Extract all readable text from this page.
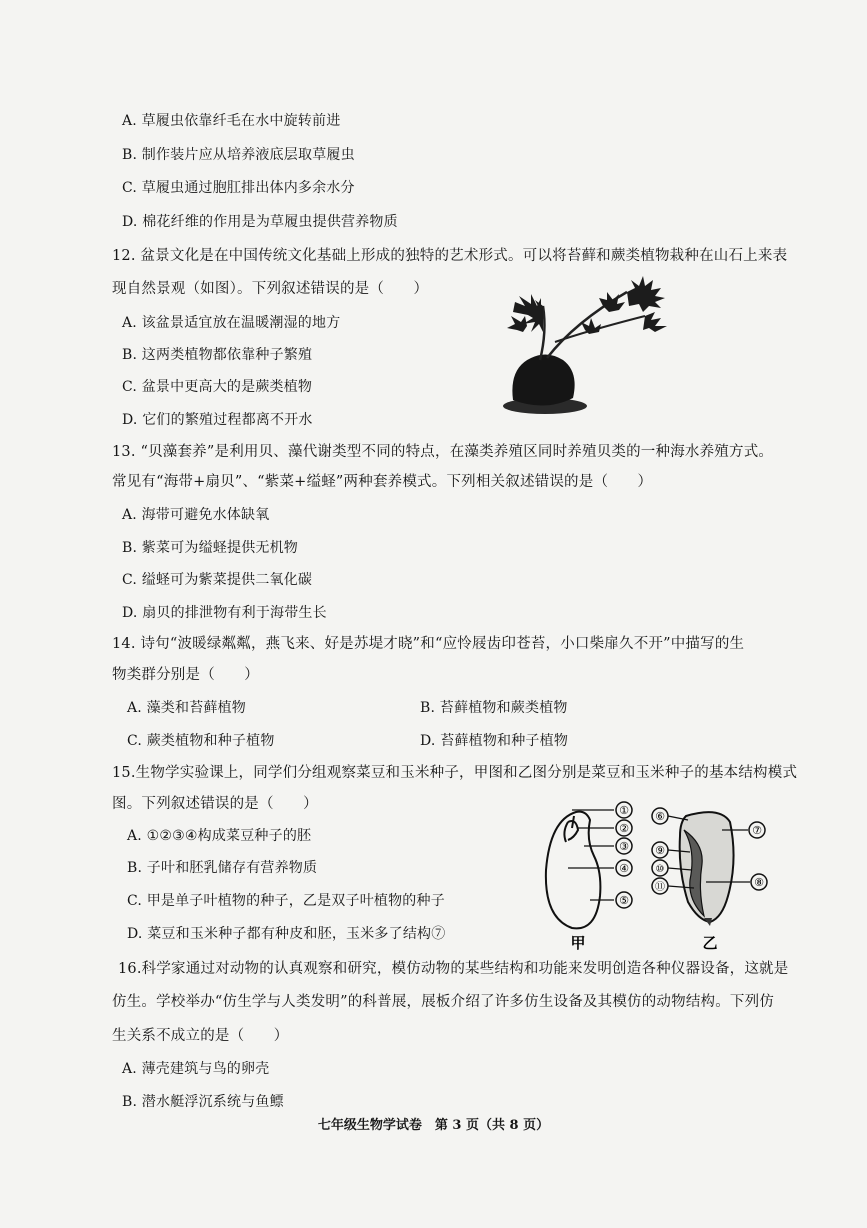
A. 草履虫依靠纤毛在水中旋转前进
B. 制作装片应从培养液底层取草履虫
C. 草履虫通过胞肛排出体内多余水分
D. 棉花纤维的作用是为草履虫提供营养物质
12. 盆景文化是在中国传统文化基础上形成的独特的艺术形式。可以将苔藓和蕨类植物栽种在山石上来表
现自然景观（如图）。下列叙述错误的是（　　）
A. 该盆景适宜放在温暖潮湿的地方
B. 这两类植物都依靠种子繁殖
C. 盆景中更高大的是蕨类植物
D. 它们的繁殖过程都离不开水
13. “贝藻套养”是利用贝、藻代谢类型不同的特点，在藻类养殖区同时养殖贝类的一种海水养殖方式。
常见有“海带+扇贝”、“紫菜+缢蛏”两种套养模式。下列相关叙述错误的是（　　）
A. 海带可避免水体缺氧
B. 紫菜可为缢蛏提供无机物
C. 缢蛏可为紫菜提供二氧化碳
D. 扇贝的排泄物有利于海带生长
14. 诗句“波暖绿粼粼，燕飞来、好是苏堤才晓”和“应怜屐齿印苍苔，小口柴扉久不开”中描写的生
物类群分别是（　　）
A. 藻类和苔藓植物	B. 苔藓植物和蕨类植物
C. 蕨类植物和种子植物	D. 苔藓植物和种子植物
15.生物学实验课上，同学们分组观察菜豆和玉米种子，甲图和乙图分别是菜豆和玉米种子的基本结构模式
图。下列叙述错误的是（　　）
A. ①②③④构成菜豆种子的胚
B. 子叶和胚乳储存有营养物质
C. 甲是单子叶植物的种子，乙是双子叶植物的种子
D. 菜豆和玉米种子都有种皮和胚，玉米多了结构⑦
①
②
③
④
⑤
⑥
⑦
⑧
⑨
⑩
⑪
甲	乙
16.科学家通过对动物的认真观察和研究，模仿动物的某些结构和功能来发明创造各种仪器设备，这就是
仿生。学校举办“仿生学与人类发明”的科普展，展板介绍了许多仿生设备及其模仿的动物结构。下列仿
生关系不成立的是（　　）
A. 薄壳建筑与鸟的卵壳
B. 潜水艇浮沉系统与鱼鳔
七年级生物学试卷　第 3 页（共 8 页）
